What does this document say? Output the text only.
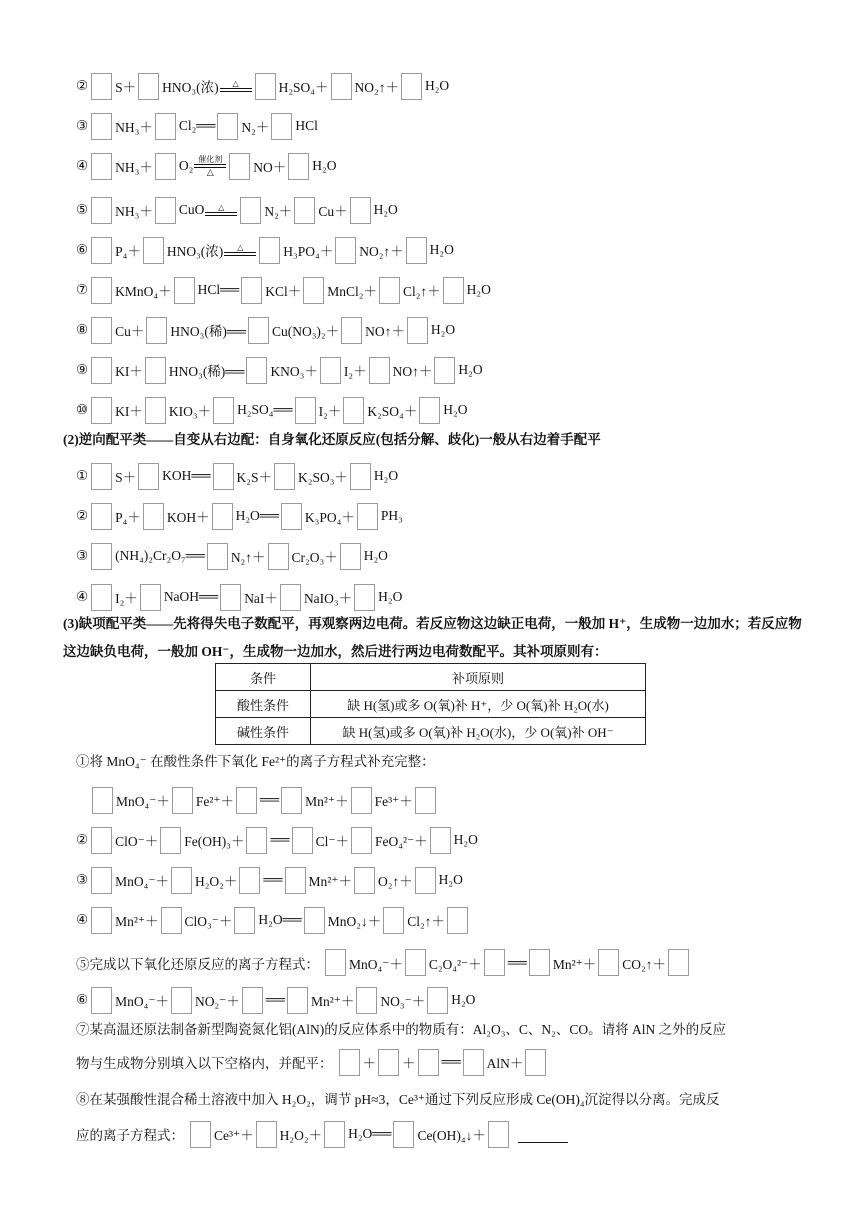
(2)逆向配平类——自变从右边配：自身氧化还原反应(包括分解、歧化)一般从右边着手配平
(3)缺项配平类——先将得失电子数配平，再观察两边电荷。若反应物这边缺正电荷，一般加 H⁺，生成物一边加水；若反应物这边缺负电荷，一般加 OH⁻，生成物一边加水，然后进行两边电荷数配平。其补项原则有：
条件	补项原则
酸性条件	缺 H(氢)或多 O(氧)补 H⁺，少 O(氧)补 H₂O(水)
碱性条件	缺 H(氢)或多 O(氧)补 H₂O(水)，少 O(氧)补 OH⁻
①将 MnO₄⁻ 在酸性条件下氧化 Fe²⁺的离子方程式补充完整：
⑤完成以下氧化还原反应的离子方程式： MnO₄⁻＋ C₂O₄²⁻＋ ══ Mn²⁺＋ CO₂↑＋
⑦某高温还原法制备新型陶瓷氮化铝(AlN)的反应体系中的物质有：Al₂O₃、C、N₂、CO。请将 AlN 之外的反应
物与生成物分别填入以下空格内，并配平： ＋ ＋ ══ AlN＋
⑧在某强酸性混合稀土溶液中加入 H₂O₂，调节 pH≈3，Ce³⁺通过下列反应形成 Ce(OH)₄沉淀得以分离。完成反
应的离子方程式： Ce³⁺＋ H₂O₂＋ H₂O══ Ce(OH)₄↓＋
② S＋ HNO₃(浓)	△	H₂SO₄＋ NO₂↑＋ H₂O
③ NH₃＋ Cl₂══ N₂＋ HCl
④ NH₃＋ O₂ 催化剂
△	NO＋ H₂O
⑤ NH₃＋ CuO	△	N₂＋ Cu＋ H₂O
⑥ P₄＋ HNO₃(浓)	△	H₃PO₄＋ NO₂↑＋ H₂O
⑦ KMnO₄＋ HCl══ KCl＋ MnCl₂＋ Cl₂↑＋ H₂O
⑧ Cu＋ HNO₃(稀)══ Cu(NO₃)₂＋ NO↑＋ H₂O
⑨ KI＋ HNO₃(稀)══ KNO₃＋ I₂＋ NO↑＋ H₂O
⑩ KI＋ KIO₃＋ H₂SO₄══ I₂＋ K₂SO₄＋ H₂O
① S＋ KOH══ K₂S＋ K₂SO₃＋ H₂O
② P₄＋ KOH＋ H₂O══ K₃PO₄＋ PH₃
③ (NH₄)₂Cr₂O₇══ N₂↑＋ Cr₂O₃＋ H₂O
④ I₂＋ NaOH══ NaI＋ NaIO₃＋ H₂O
MnO₄⁻＋ Fe²⁺＋ ══ Mn²⁺＋ Fe³⁺＋
② ClO⁻＋ Fe(OH)₃＋ ══ Cl⁻＋ FeO₄²⁻＋ H₂O
③ MnO₄⁻＋ H₂O₂＋ ══ Mn²⁺＋ O₂↑＋ H₂O
④ Mn²⁺＋ ClO₃⁻＋ H₂O══ MnO₂↓＋ Cl₂↑＋
⑥ MnO₄⁻＋ NO₂⁻＋ ══ Mn²⁺＋ NO₃⁻＋ H₂O
